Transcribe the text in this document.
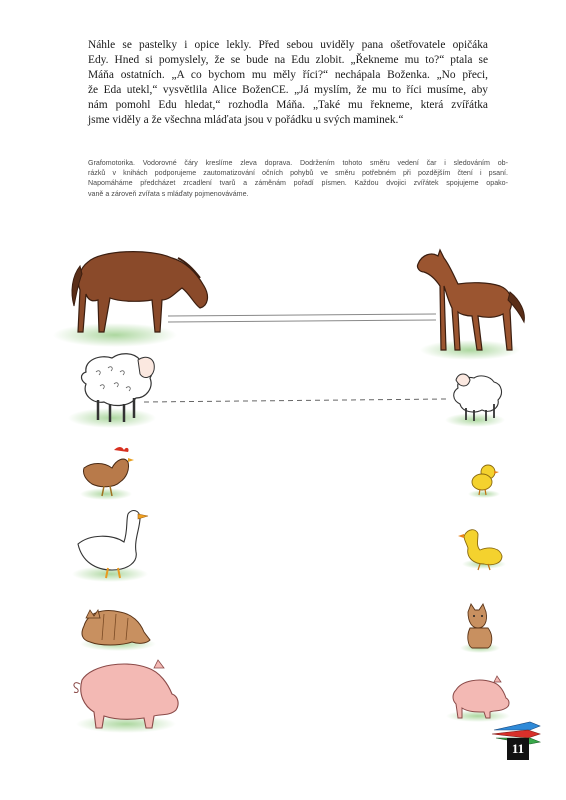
Náhle se pastelky i opice lekly. Před sebou uviděly pana ošetřovatele opičáka
Edy. Hned si pomyslely, že se bude na Edu zlobit. „Řekneme mu to?“ ptala se
Máňa ostatních. „A co bychom mu měly říci?“ nechápala Boženka. „No přeci,
že Eda utekl,“ vysvětlila Alice BoženCE. „Já myslím, že mu to říci musíme, aby
nám pomohl Edu hledat,“ rozhodla Máňa. „Také mu řekneme, která zvířátka
jsme viděly a že všechna mláďata jsou v pořádku u svých maminek.“

Grafomotorika. Vodorovné čáry kreslíme zleva doprava. Dodržením tohoto směru vedení čar i sledováním ob-
rázků v knihách podporujeme zautomatizování očních pohybů ve směru potřebném při pozdějším čtení i psaní.
Napomáháme předcházet zrcadlení tvarů a záměnám pořadí písmen. Každou dvojici zvířátek spojujeme opako-
vaně a zároveň zvířata s mláďaty pojmenováváme.

11
